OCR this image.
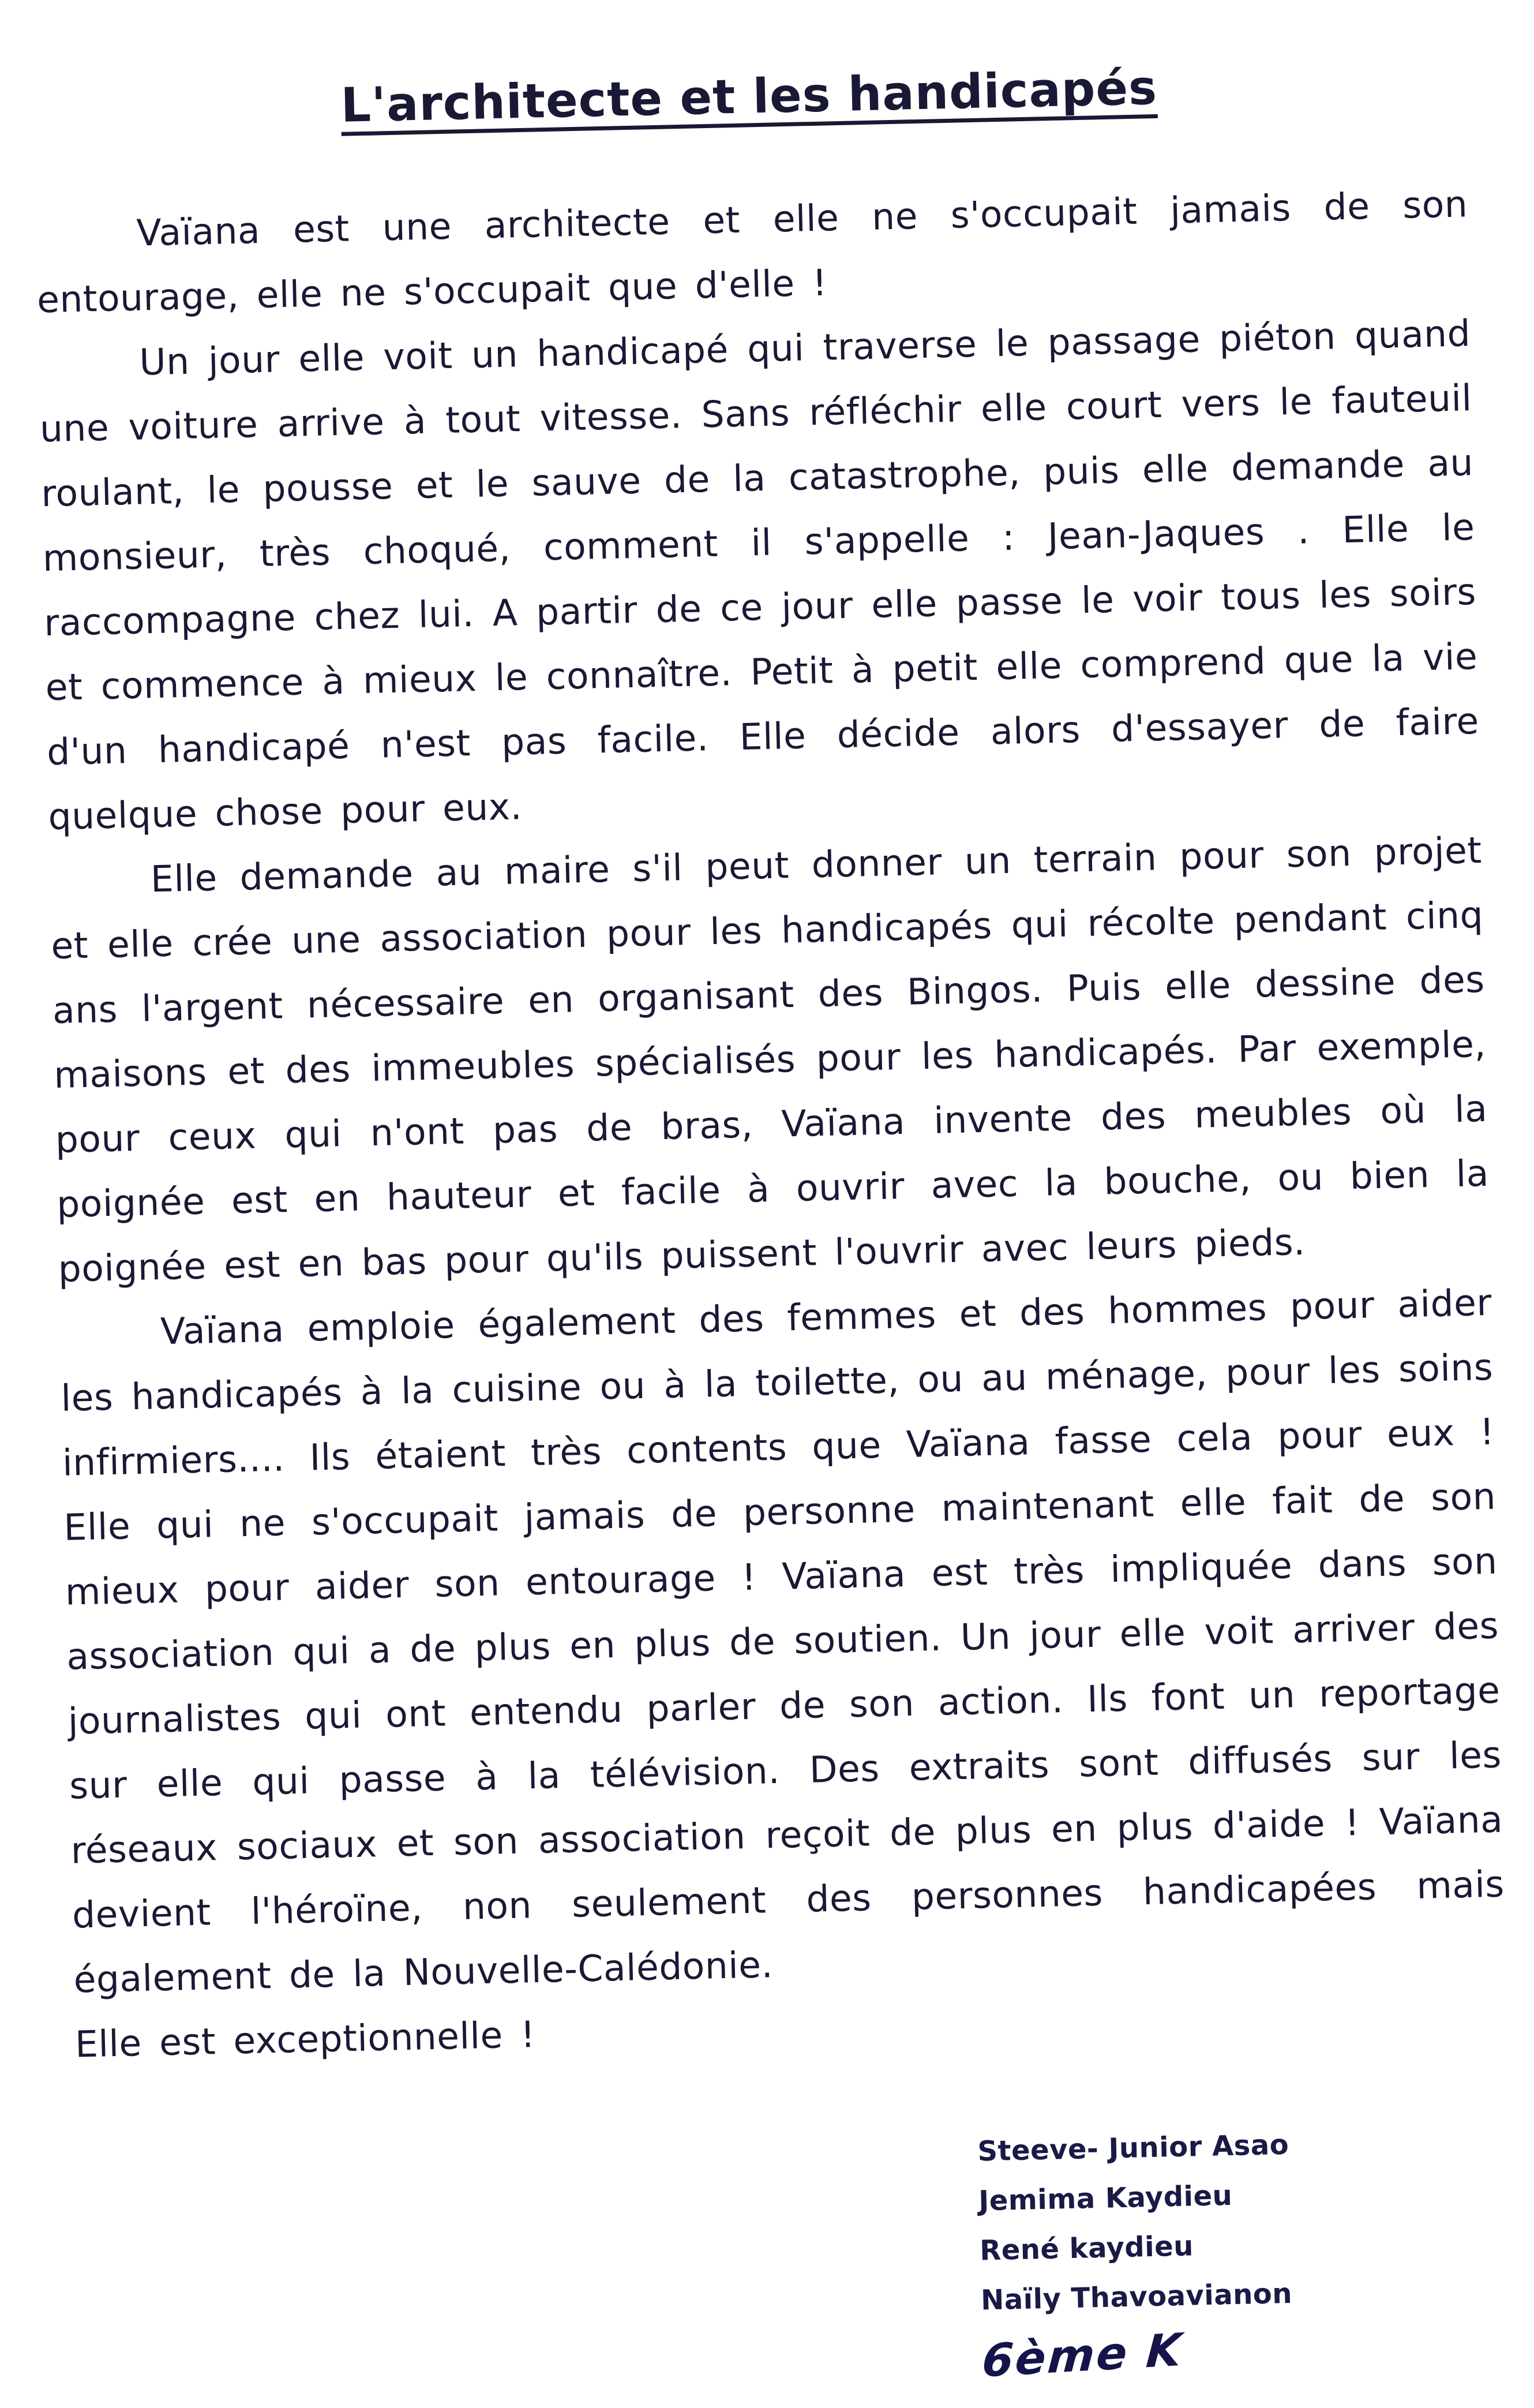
L'architecte et les handicapés

Vaïana est une architecte et elle ne s'occupait jamais de son entourage, elle ne s'occupait que d'elle !

Un jour elle voit un handicapé qui traverse le passage piéton quand une voiture arrive à tout vitesse. Sans réfléchir elle court vers le fauteuil roulant, le pousse et le sauve de la catastrophe, puis elle demande au monsieur, très choqué, comment il s'appelle : Jean-Jaques . Elle le raccompagne chez lui. A partir de ce jour elle passe le voir tous les soirs et commence à mieux le connaître. Petit à petit elle comprend que la vie d'un handicapé n'est pas facile. Elle décide alors d'essayer de faire quelque chose pour eux.

Elle demande au maire s'il peut donner un terrain pour son projet et elle crée une association pour les handicapés qui récolte pendant cinq ans l'argent nécessaire en organisant des Bingos. Puis elle dessine des maisons et des immeubles spécialisés pour les handicapés. Par exemple, pour ceux qui n'ont pas de bras, Vaïana invente des meubles où la poignée est en hauteur et facile à ouvrir avec la bouche, ou bien la poignée est en bas pour qu'ils puissent l'ouvrir avec leurs pieds.

Vaïana emploie également des femmes et des hommes pour aider les handicapés à la cuisine ou à la toilette, ou au ménage, pour les soins infirmiers.... Ils étaient très contents que Vaïana fasse cela pour eux ! Elle qui ne s'occupait jamais de personne maintenant elle fait de son mieux pour aider son entourage ! Vaïana est très impliquée dans son association qui a de plus en plus de soutien. Un jour elle voit arriver des journalistes qui ont entendu parler de son action. Ils font un reportage sur elle qui passe à la télévision. Des extraits sont diffusés sur les réseaux sociaux et son association reçoit de plus en plus d'aide ! Vaïana devient l'héroïne, non seulement des personnes handicapées mais également de la Nouvelle-Calédonie.

Elle est exceptionnelle !

Steeve- Junior Asao
Jemima Kaydieu
René kaydieu
Naïly Thavoavianon
6ème K
